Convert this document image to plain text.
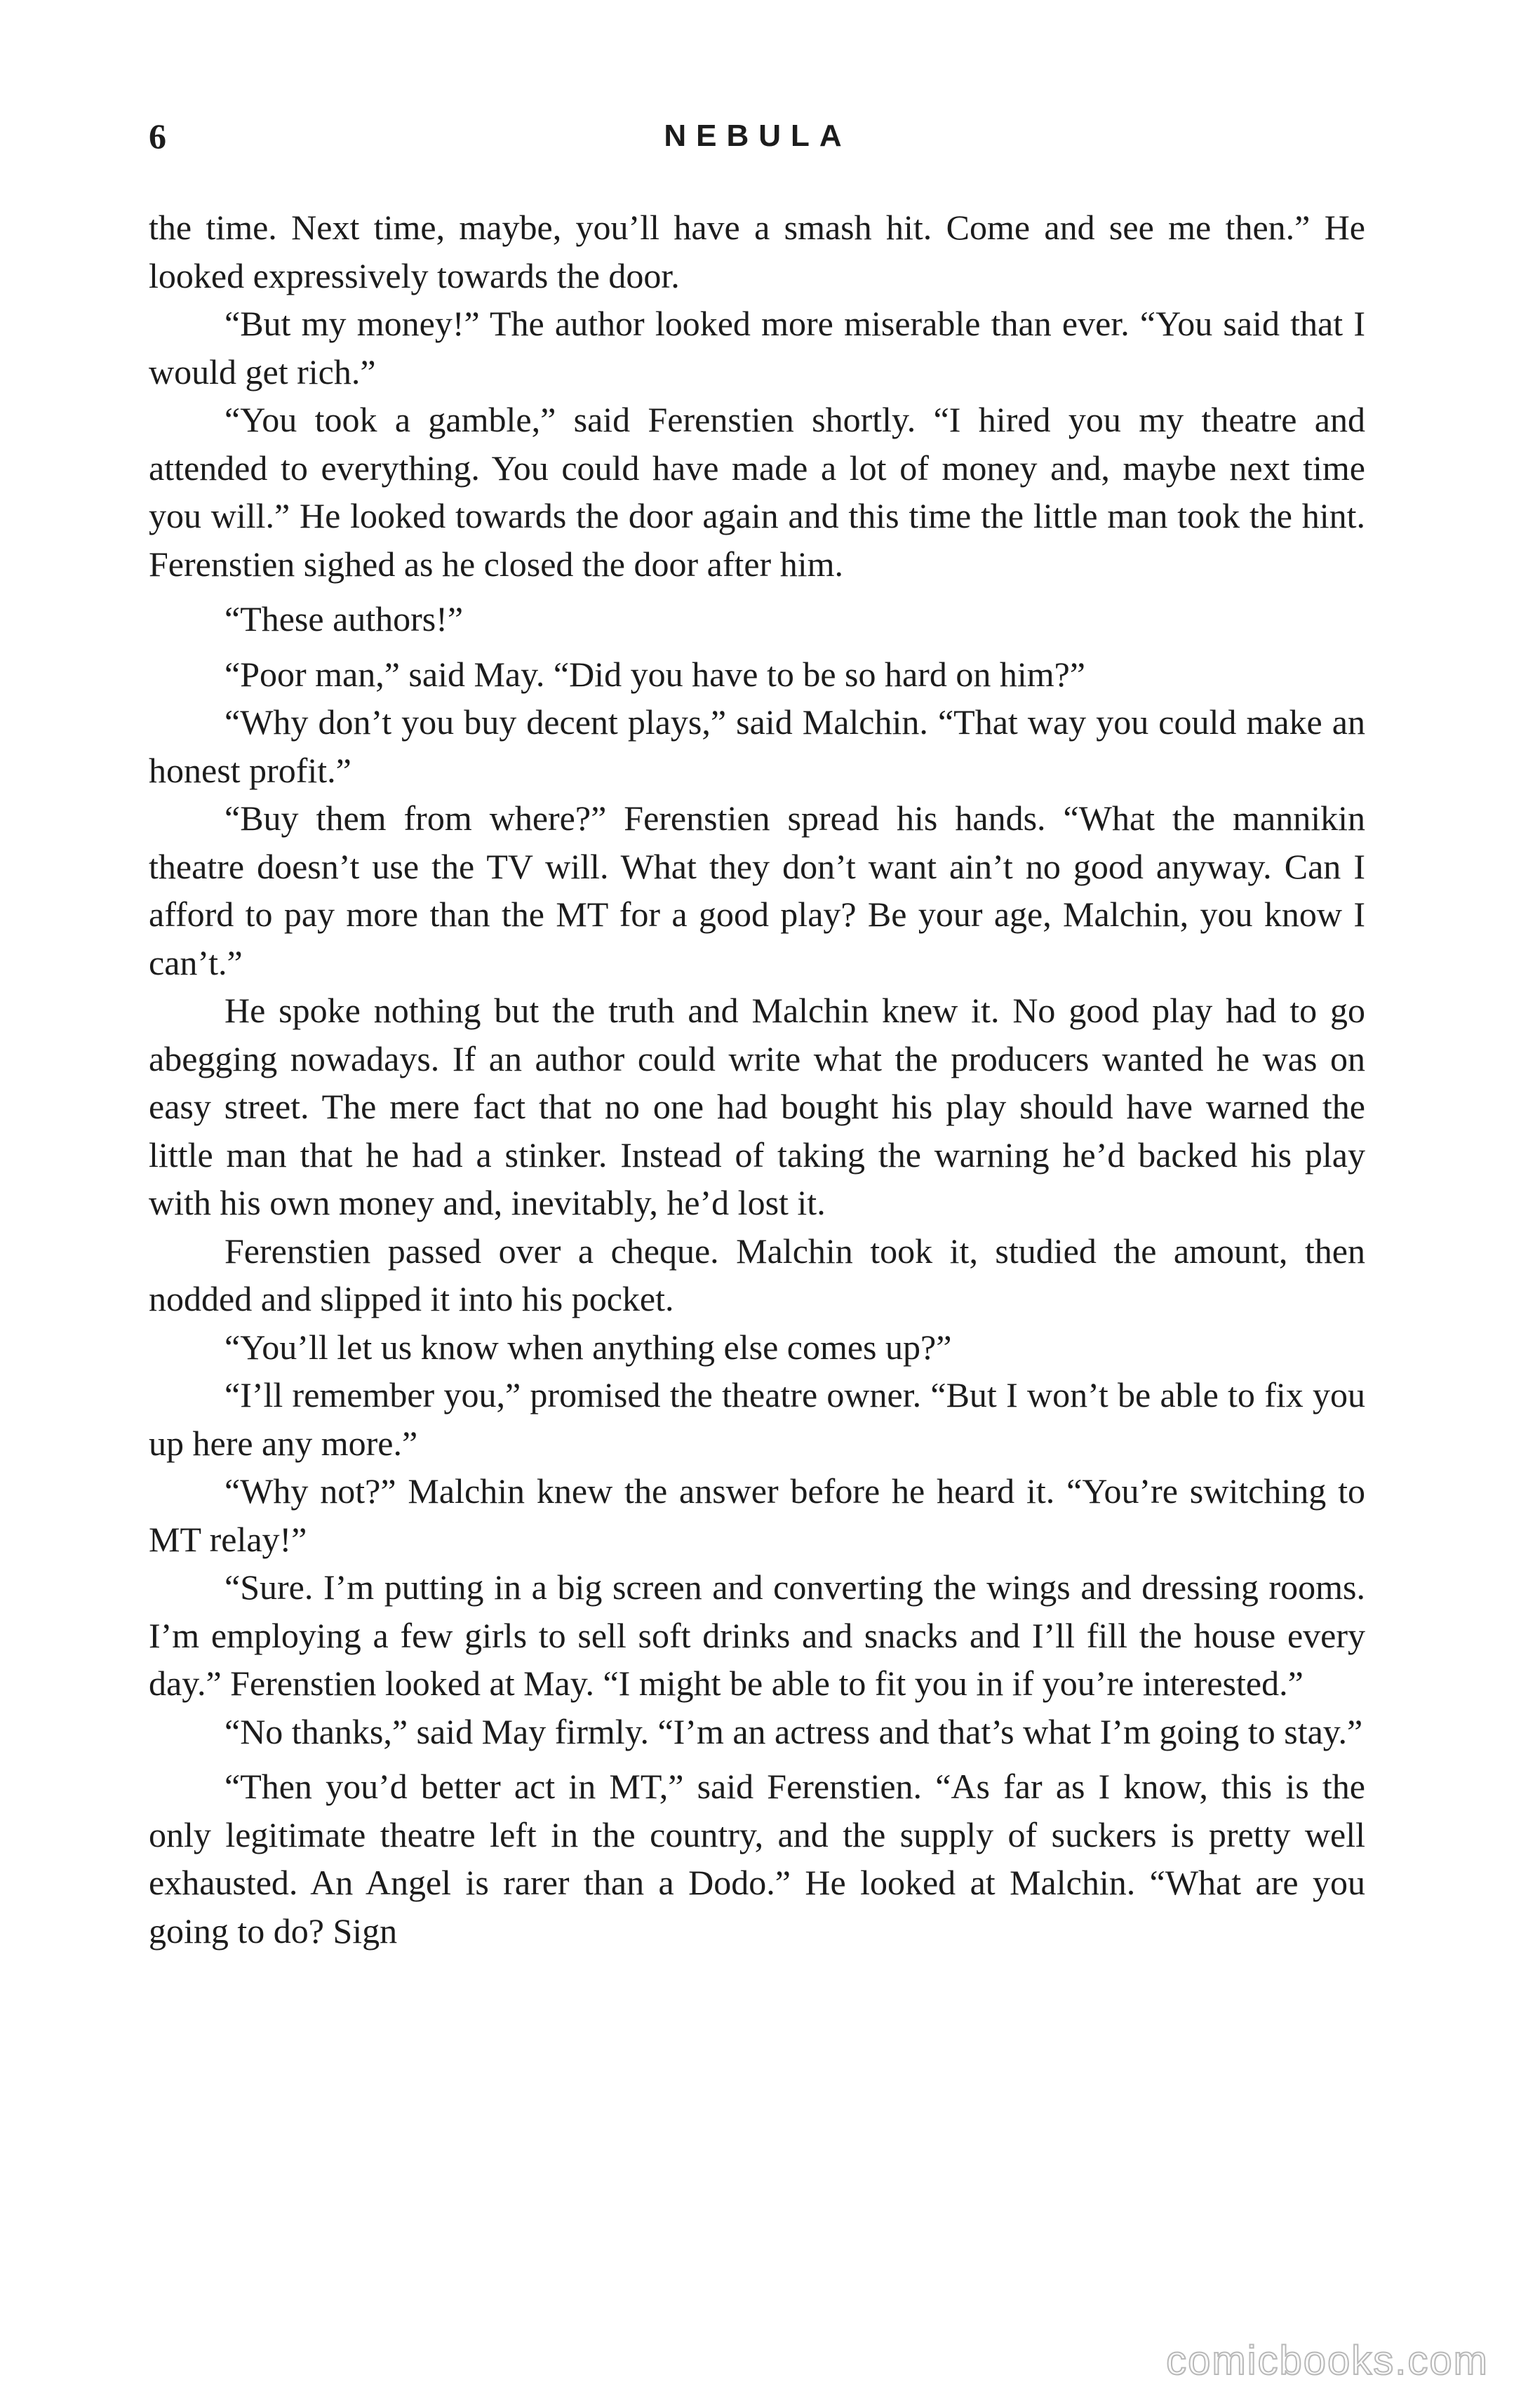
6	NEBULA

the time. Next time, maybe, you’ll have a smash hit. Come and see me then.” He looked expressively towards the door.

“But my money!” The author looked more miserable than ever. “You said that I would get rich.”

“You took a gamble,” said Ferenstien shortly. “I hired you my theatre and attended to everything. You could have made a lot of money and, maybe next time you will.” He looked towards the door again and this time the little man took the hint. Ferenstien sighed as he closed the door after him.

“These authors!”

“Poor man,” said May. “Did you have to be so hard on him?”

“Why don’t you buy decent plays,” said Malchin. “That way you could make an honest profit.”

“Buy them from where?” Ferenstien spread his hands. “What the mannikin theatre doesn’t use the TV will. What they don’t want ain’t no good anyway. Can I afford to pay more than the MT for a good play? Be your age, Malchin, you know I can’t.”

He spoke nothing but the truth and Malchin knew it. No good play had to go abegging nowadays. If an author could write what the producers wanted he was on easy street. The mere fact that no one had bought his play should have warned the little man that he had a stinker. Instead of taking the warning he’d backed his play with his own money and, inevitably, he’d lost it.

Ferenstien passed over a cheque. Malchin took it, studied the amount, then nodded and slipped it into his pocket.

“You’ll let us know when anything else comes up?”

“I’ll remember you,” promised the theatre owner. “But I won’t be able to fix you up here any more.”

“Why not?” Malchin knew the answer before he heard it. “You’re switching to MT relay!”

“Sure. I’m putting in a big screen and converting the wings and dressing rooms. I’m employing a few girls to sell soft drinks and snacks and I’ll fill the house every day.” Ferenstien looked at May. “I might be able to fit you in if you’re interested.”

“No thanks,” said May firmly. “I’m an actress and that’s what I’m going to stay.”

“Then you’d better act in MT,” said Ferenstien. “As far as I know, this is the only legitimate theatre left in the country, and the supply of suckers is pretty well exhausted. An Angel is rarer than a Dodo.” He looked at Malchin. “What are you going to do? Sign

comicbooks.com
